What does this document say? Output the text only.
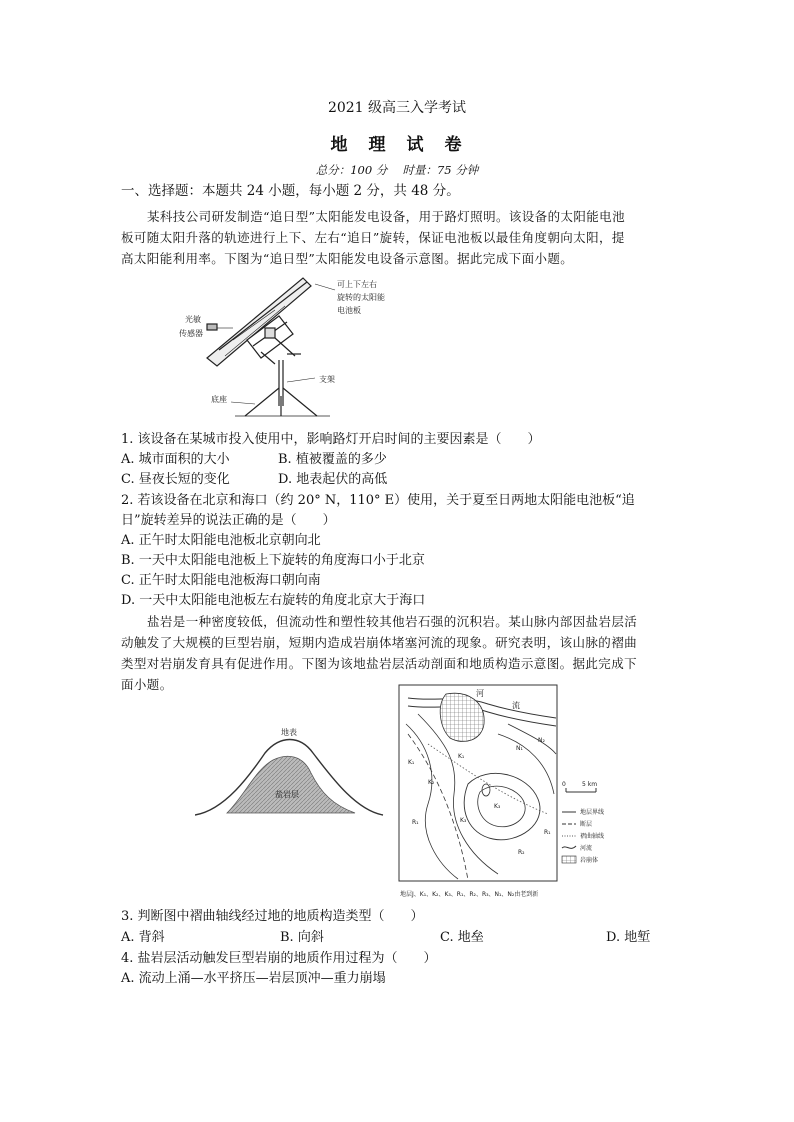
2021 级高三入学考试
地　理　试　卷
总分：100 分　 时量：75 分钟
一、选择题：本题共 24 小题，每小题 2 分，共 48 分。
某科技公司研发制造“追日型”太阳能发电设备，用于路灯照明。该设备的太阳能电池
板可随太阳升落的轨迹进行上下、左右“追日”旋转，保证电池板以最佳角度朝向太阳，提
高太阳能利用率。下图为“追日型”太阳能发电设备示意图。据此完成下面小题。
可上下左右
旋转的太阳能
电池板
光敏
传感器
支架
底座
1. 该设备在某城市投入使用中，影响路灯开启时间的主要因素是（　　）
A. 城市面积的大小	B. 植被覆盖的多少
C. 昼夜长短的变化	D. 地表起伏的高低
2. 若该设备在北京和海口（约 20° N，110° E）使用，关于夏至日两地太阳能电池板“追
日”旋转差异的说法正确的是（　　）
A. 正午时太阳能电池板北京朝向北
B. 一天中太阳能电池板上下旋转的角度海口小于北京
C. 正午时太阳能电池板海口朝向南
D. 一天中太阳能电池板左右旋转的角度北京大于海口
盐岩是一种密度较低，但流动性和塑性较其他岩石强的沉积岩。某山脉内部因盐岩层活
动触发了大规模的巨型岩崩，短期内造成岩崩体堵塞河流的现象。研究表明，该山脉的褶曲
类型对岩崩发育具有促进作用。下图为该地盐岩层活动剖面和地质构造示意图。据此完成下
面小题。
地表
盐岩层
河
流
K₁
K₂
K₃
R₁
R₂
N₁
N₂
K₁
K₃
R₁
0	5 km
地层界线
断层
褶曲轴线
河流
岩崩体
地层J、K₁、K₂、K₃、R₁、R₂、R₃、N₁、N₂由老到新
3. 判断图中褶曲轴线经过地的地质构造类型（　　）
A. 背斜	B. 向斜	C. 地垒	D. 地堑
4. 盐岩层活动触发巨型岩崩的地质作用过程为（　　）
A. 流动上涌—水平挤压—岩层顶冲—重力崩塌
